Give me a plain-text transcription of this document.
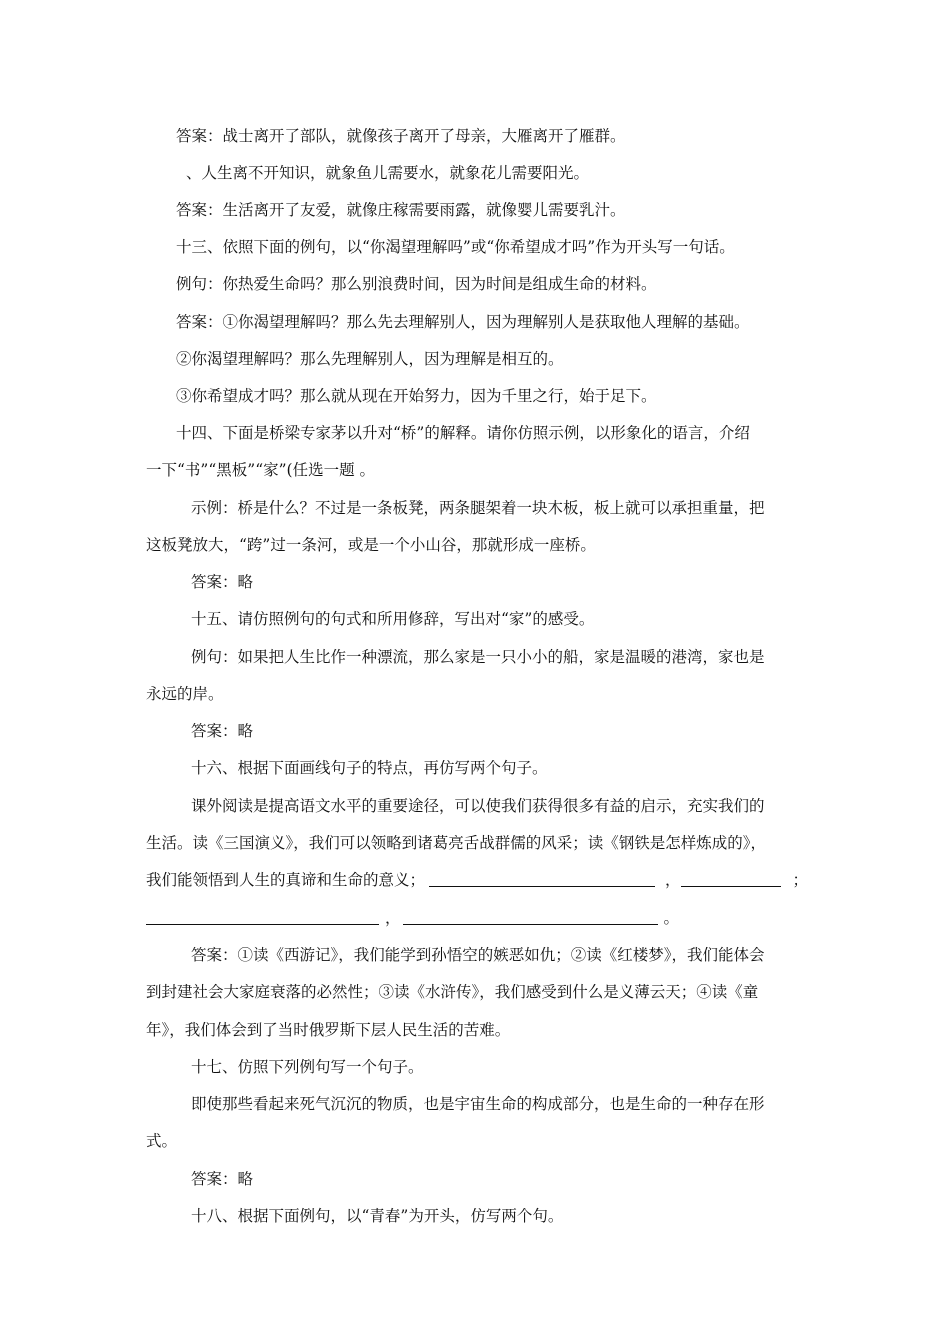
答案：战士离开了部队，就像孩子离开了母亲，大雁离开了雁群。

、人生离不开知识，就象鱼儿需要水，就象花儿需要阳光。

答案：生活离开了友爱，就像庄稼需要雨露，就像婴儿需要乳汁。

十三、依照下面的例句，以“你渴望理解吗”或“你希望成才吗”作为开头写一句话。

例句：你热爱生命吗？那么别浪费时间，因为时间是组成生命的材料。

答案：①你渴望理解吗？那么先去理解别人，因为理解别人是获取他人理解的基础。

②你渴望理解吗？那么先理解别人，因为理解是相互的。

③你希望成才吗？那么就从现在开始努力，因为千里之行，始于足下。

十四、下面是桥梁专家茅以升对“桥”的解释。请你仿照示例，以形象化的语言，介绍

一下“书”“黑板”“家”(任选一题 。

示例：桥是什么？不过是一条板凳，两条腿架着一块木板，板上就可以承担重量，把

这板凳放大，“跨”过一条河，或是一个小山谷，那就形成一座桥。

答案：略

十五、请仿照例句的句式和所用修辞，写出对“家”的感受。

例句：如果把人生比作一种漂流，那么家是一只小小的船，家是温暖的港湾，家也是

永远的岸。

答案：略

十六、根据下面画线句子的特点，再仿写两个句子。

课外阅读是提高语文水平的重要途径，可以使我们获得很多有益的启示，充实我们的

生活。读《三国演义》，我们可以领略到诸葛亮舌战群儒的风采；读《钢铁是怎样炼成的》，

我们能领悟到人生的真谛和生命的意义；	，	；

，	。

答案：①读《西游记》，我们能学到孙悟空的嫉恶如仇；②读《红楼梦》，我们能体会

到封建社会大家庭衰落的必然性；③读《水浒传》，我们感受到什么是义薄云天；④读《童

年》，我们体会到了当时俄罗斯下层人民生活的苦难。

十七、仿照下列例句写一个句子。

即使那些看起来死气沉沉的物质，也是宇宙生命的构成部分，也是生命的一种存在形

式。

答案：略

十八、根据下面例句，以“青春”为开头，仿写两个句。
